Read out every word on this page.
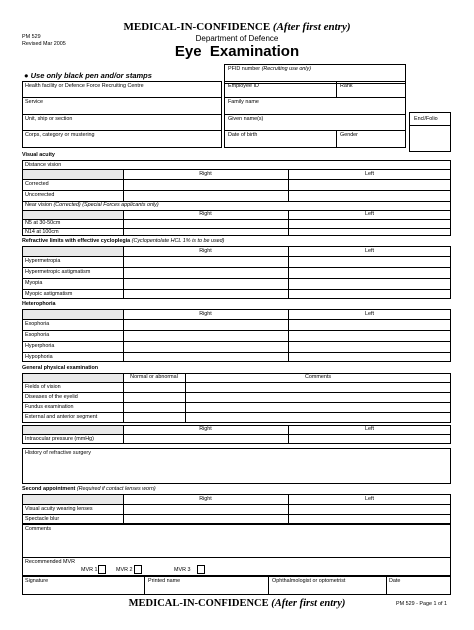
MEDICAL-IN-CONFIDENCE (After first entry)
PM 529
Revised Mar 2005
Department of Defence
Eye  Examination
● Use only black pen and/or stamps
PFID number (Recruiting use only)
Health facility or Defence Force Recruiting Centre
Service
Unit, ship or section
Corps, category or mustering
Employee ID	Rank
Family name
Given name(s)
Date of birth	Gender
Encl/Folio
Visual acuity
Distance vision
Right	Left
Corrected
Uncorrected
Near vision (Corrected) (Special Forces applicants only)
Right	Left
N5 at 30-50cm
N14 at 100cm
Refractive limits with effective cycloplegia (Cyclopentolate HCL 1% is to be used)
Right	Left
Hypermetropia
Hypermetropic astigmatism
Myopia
Myopic astigmatism
Heterophoria
Right	Left
Exophoria
Esophoria
Hyperphoria
Hypophoria
General physical examination
Normal or abnormal	Comments
Fields of vision
Diseases of the eyelid
Fundus examination
External and anterior segment
Right	Left
Intraocular pressure (mmHg)
History of refractive surgery
Second appointment (Required if contact lenses worn)
Right	Left
Visual acuity wearing lenses
Spectacle blur
Comments
Recommended MVR
MVR 1	MVR 2	MVR 3
Signature	Printed name	Ophthalmologist or optometrist	Date
MEDICAL-IN-CONFIDENCE (After first entry)	PM 529 - Page 1 of 1
